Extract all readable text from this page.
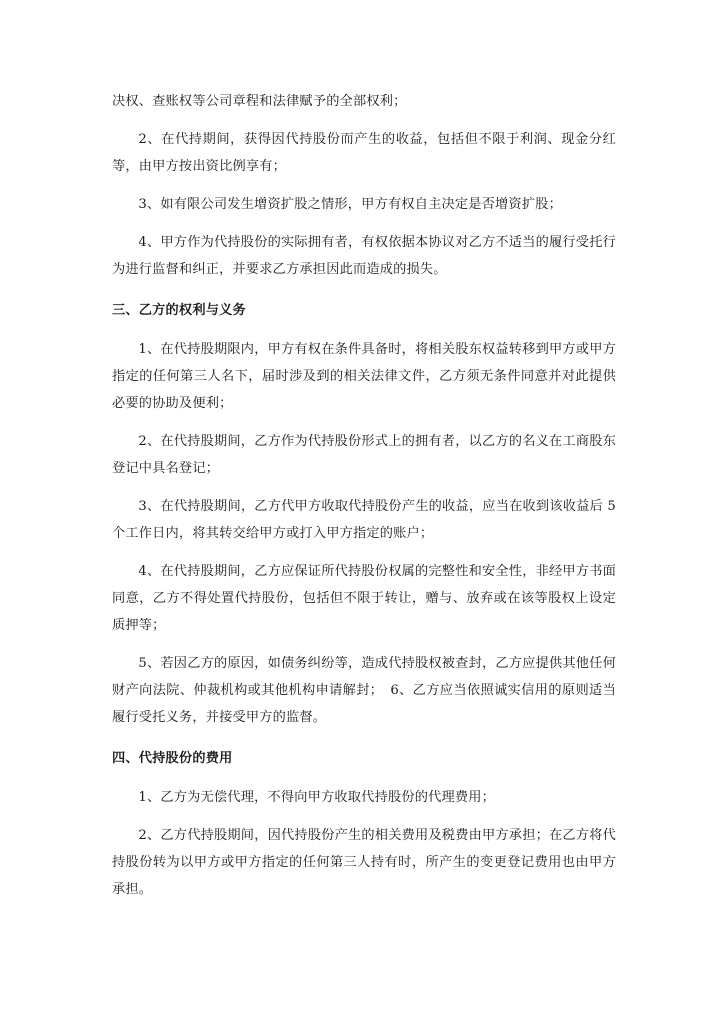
决权、查账权等公司章程和法律赋予的全部权利；

2、在代持期间，获得因代持股份而产生的收益，包括但不限于利润、现金分红等，由甲方按出资比例享有；

3、如有限公司发生增资扩股之情形，甲方有权自主决定是否增资扩股；

4、甲方作为代持股份的实际拥有者，有权依据本协议对乙方不适当的履行受托行为进行监督和纠正，并要求乙方承担因此而造成的损失。

三、乙方的权利与义务

1、在代持股期限内，甲方有权在条件具备时，将相关股东权益转移到甲方或甲方指定的任何第三人名下，届时涉及到的相关法律文件，乙方须无条件同意并对此提供必要的协助及便利；

2、在代持股期间，乙方作为代持股份形式上的拥有者，以乙方的名义在工商股东登记中具名登记；

3、在代持股期间，乙方代甲方收取代持股份产生的收益，应当在收到该收益后 5 个工作日内，将其转交给甲方或打入甲方指定的账户；

4、在代持股期间，乙方应保证所代持股份权属的完整性和安全性，非经甲方书面同意，乙方不得处置代持股份，包括但不限于转让，赠与、放弃或在该等股权上设定质押等；

5、若因乙方的原因，如债务纠纷等，造成代持股权被查封，乙方应提供其他任何财产向法院、仲裁机构或其他机构申请解封；　6、乙方应当依照诚实信用的原则适当履行受托义务，并接受甲方的监督。

四、代持股份的费用

1、乙方为无偿代理，不得向甲方收取代持股份的代理费用；

2、乙方代持股期间，因代持股份产生的相关费用及税费由甲方承担；在乙方将代持股份转为以甲方或甲方指定的任何第三人持有时，所产生的变更登记费用也由甲方承担。
